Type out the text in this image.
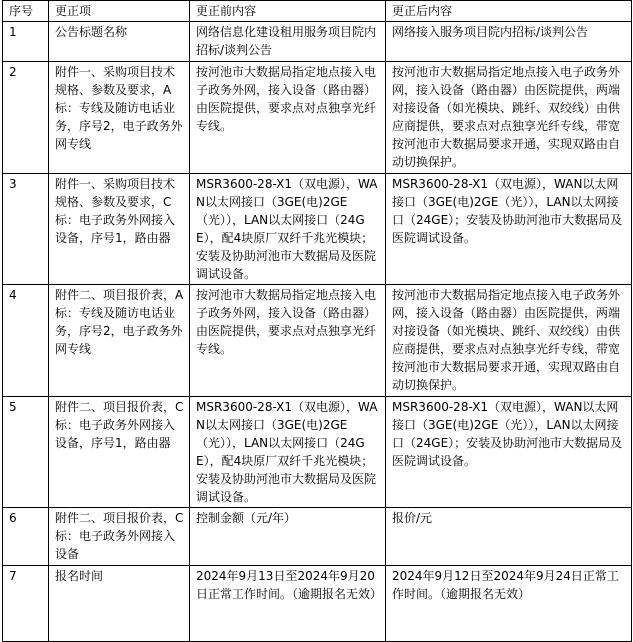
序号	更正项	更正前内容	更正后内容
1	公告标题名称	网络信息化建设租用服务项目院内招标/谈判公告	网络接入服务项目院内招标/谈判公告
2	附件一、采购项目技术规格、参数及要求，A标：专线及随访电话业务，序号2，电子政务外网专线	按河池市大数据局指定地点接入电子政务外网，接入设备（路由器）由医院提供，要求点对点独享光纤专线。	按河池市大数据局指定地点接入电子政务外网，接入设备（路由器）由医院提供，两端对接设备（如光模块、跳纤、双绞线）由供应商提供，要求点对点独享光纤专线，带宽按河池市大数据局要求开通，实现双路由自动切换保护。
3	附件一、采购项目技术规格、参数及要求，C标：电子政务外网接入设备，序号1，路由器	MSR3600-28-X1（双电源），WAN以太网接口（3GE(电)2GE（光）），LAN以太网接口（24GE），配4块原厂双纤千兆光模块；安装及协助河池市大数据局及医院调试设备。	MSR3600-28-X1（双电源），WAN以太网接口（3GE(电)2GE（光）），LAN以太网接口（24GE）；安装及协助河池市大数据局及医院调试设备。
4	附件二、项目报价表，A标：专线及随访电话业务，序号2，电子政务外网专线	按河池市大数据局指定地点接入电子政务外网，接入设备（路由器）由医院提供，要求点对点独享光纤专线。	按河池市大数据局指定地点接入电子政务外网，接入设备（路由器）由医院提供，两端对接设备（如光模块、跳纤、双绞线）由供应商提供，要求点对点独享光纤专线，带宽按河池市大数据局要求开通，实现双路由自动切换保护。
5	附件二、项目报价表，C标：电子政务外网接入设备，序号1，路由器	MSR3600-28-X1（双电源），WAN以太网接口（3GE(电)2GE（光）），LAN以太网接口（24GE），配4块原厂双纤千兆光模块；安装及协助河池市大数据局及医院调试设备。	MSR3600-28-X1（双电源），WAN以太网接口（3GE(电)2GE（光）），LAN以太网接口（24GE）；安装及协助河池市大数据局及医院调试设备。
6	附件二、项目报价表，C标：电子政务外网接入设备	控制金额（元/年）	报价/元
7	报名时间	2024年9月13日至2024年9月20日正常工作时间。（逾期报名无效）	2024年9月12日至2024年9月24日正常工作时间。（逾期报名无效）
